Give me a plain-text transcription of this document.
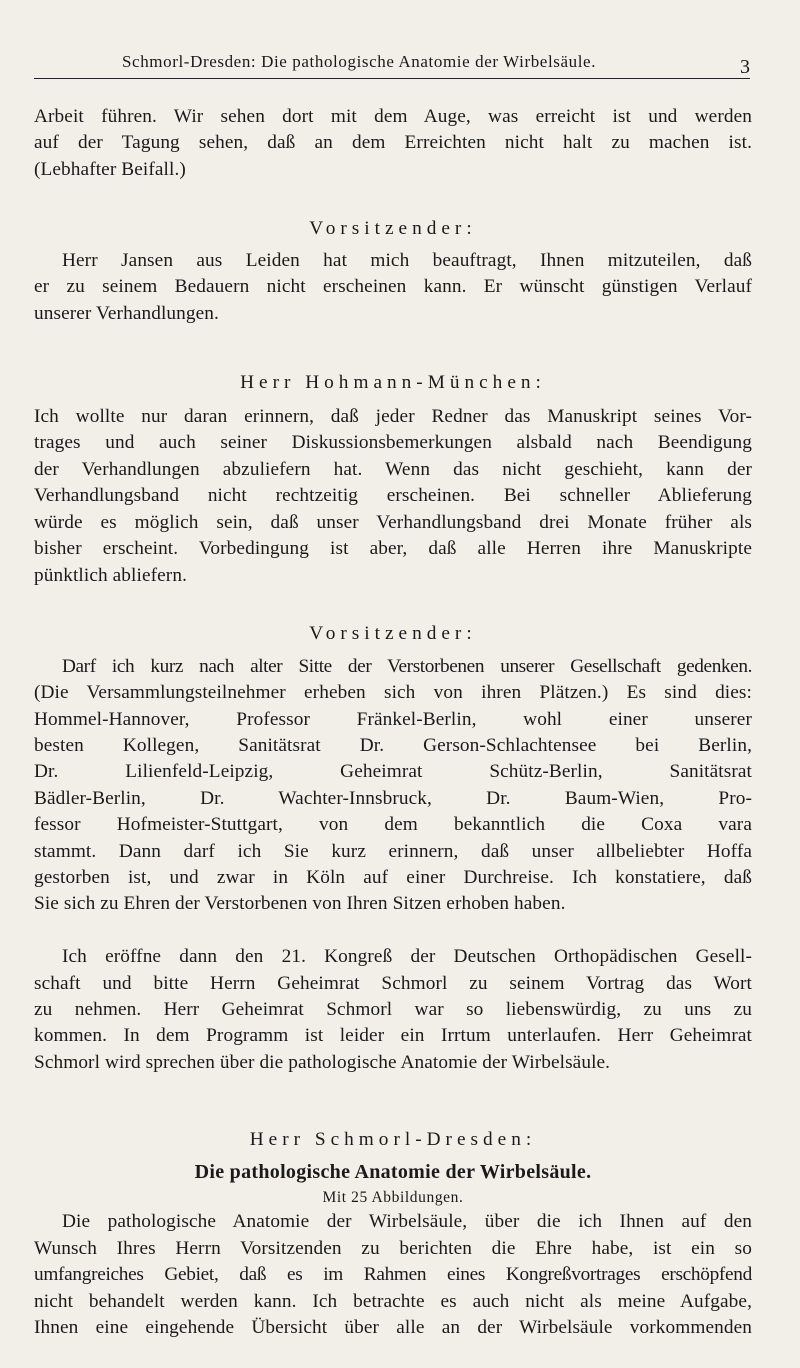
Schmorl-Dresden: Die pathologische Anatomie der Wirbelsäule.	3
Arbeit führen. Wir sehen dort mit dem Auge, was erreicht ist und werden
auf der Tagung sehen, daß an dem Erreichten nicht halt zu machen ist.
(Lebhafter Beifall.)
Vorsitzender:
Herr Jansen aus Leiden hat mich beauftragt, Ihnen mitzuteilen, daß
er zu seinem Bedauern nicht erscheinen kann. Er wünscht günstigen Verlauf
unserer Verhandlungen.
Herr Hohmann-München:
Ich wollte nur daran erinnern, daß jeder Redner das Manuskript seines Vor-
trages und auch seiner Diskussionsbemerkungen alsbald nach Beendigung
der Verhandlungen abzuliefern hat. Wenn das nicht geschieht, kann der
Verhandlungsband nicht rechtzeitig erscheinen. Bei schneller Ablieferung
würde es möglich sein, daß unser Verhandlungsband drei Monate früher als
bisher erscheint. Vorbedingung ist aber, daß alle Herren ihre Manuskripte
pünktlich abliefern.
Vorsitzender:
Darf ich kurz nach alter Sitte der Verstorbenen unserer Gesellschaft gedenken.
(Die Versammlungsteilnehmer erheben sich von ihren Plätzen.) Es sind dies:
Hommel-Hannover, Professor Fränkel-Berlin, wohl einer unserer
besten Kollegen, Sanitätsrat Dr. Gerson-Schlachtensee bei Berlin,
Dr. Lilienfeld-Leipzig, Geheimrat Schütz-Berlin, Sanitätsrat
Bädler-Berlin, Dr. Wachter-Innsbruck, Dr. Baum-Wien, Pro-
fessor Hofmeister-Stuttgart, von dem bekanntlich die Coxa vara
stammt. Dann darf ich Sie kurz erinnern, daß unser allbeliebter Hoffa
gestorben ist, und zwar in Köln auf einer Durchreise. Ich konstatiere, daß
Sie sich zu Ehren der Verstorbenen von Ihren Sitzen erhoben haben.
Ich eröffne dann den 21. Kongreß der Deutschen Orthopädischen Gesell-
schaft und bitte Herrn Geheimrat Schmorl zu seinem Vortrag das Wort
zu nehmen. Herr Geheimrat Schmorl war so liebenswürdig, zu uns zu
kommen. In dem Programm ist leider ein Irrtum unterlaufen. Herr Geheimrat
Schmorl wird sprechen über die pathologische Anatomie der Wirbelsäule.
Herr Schmorl-Dresden:
Die pathologische Anatomie der Wirbelsäule.
Mit 25 Abbildungen.
Die pathologische Anatomie der Wirbelsäule, über die ich Ihnen auf den
Wunsch Ihres Herrn Vorsitzenden zu berichten die Ehre habe, ist ein so
umfangreiches Gebiet, daß es im Rahmen eines Kongreßvortrages erschöpfend
nicht behandelt werden kann. Ich betrachte es auch nicht als meine Aufgabe,
Ihnen eine eingehende Übersicht über alle an der Wirbelsäule vorkommenden
